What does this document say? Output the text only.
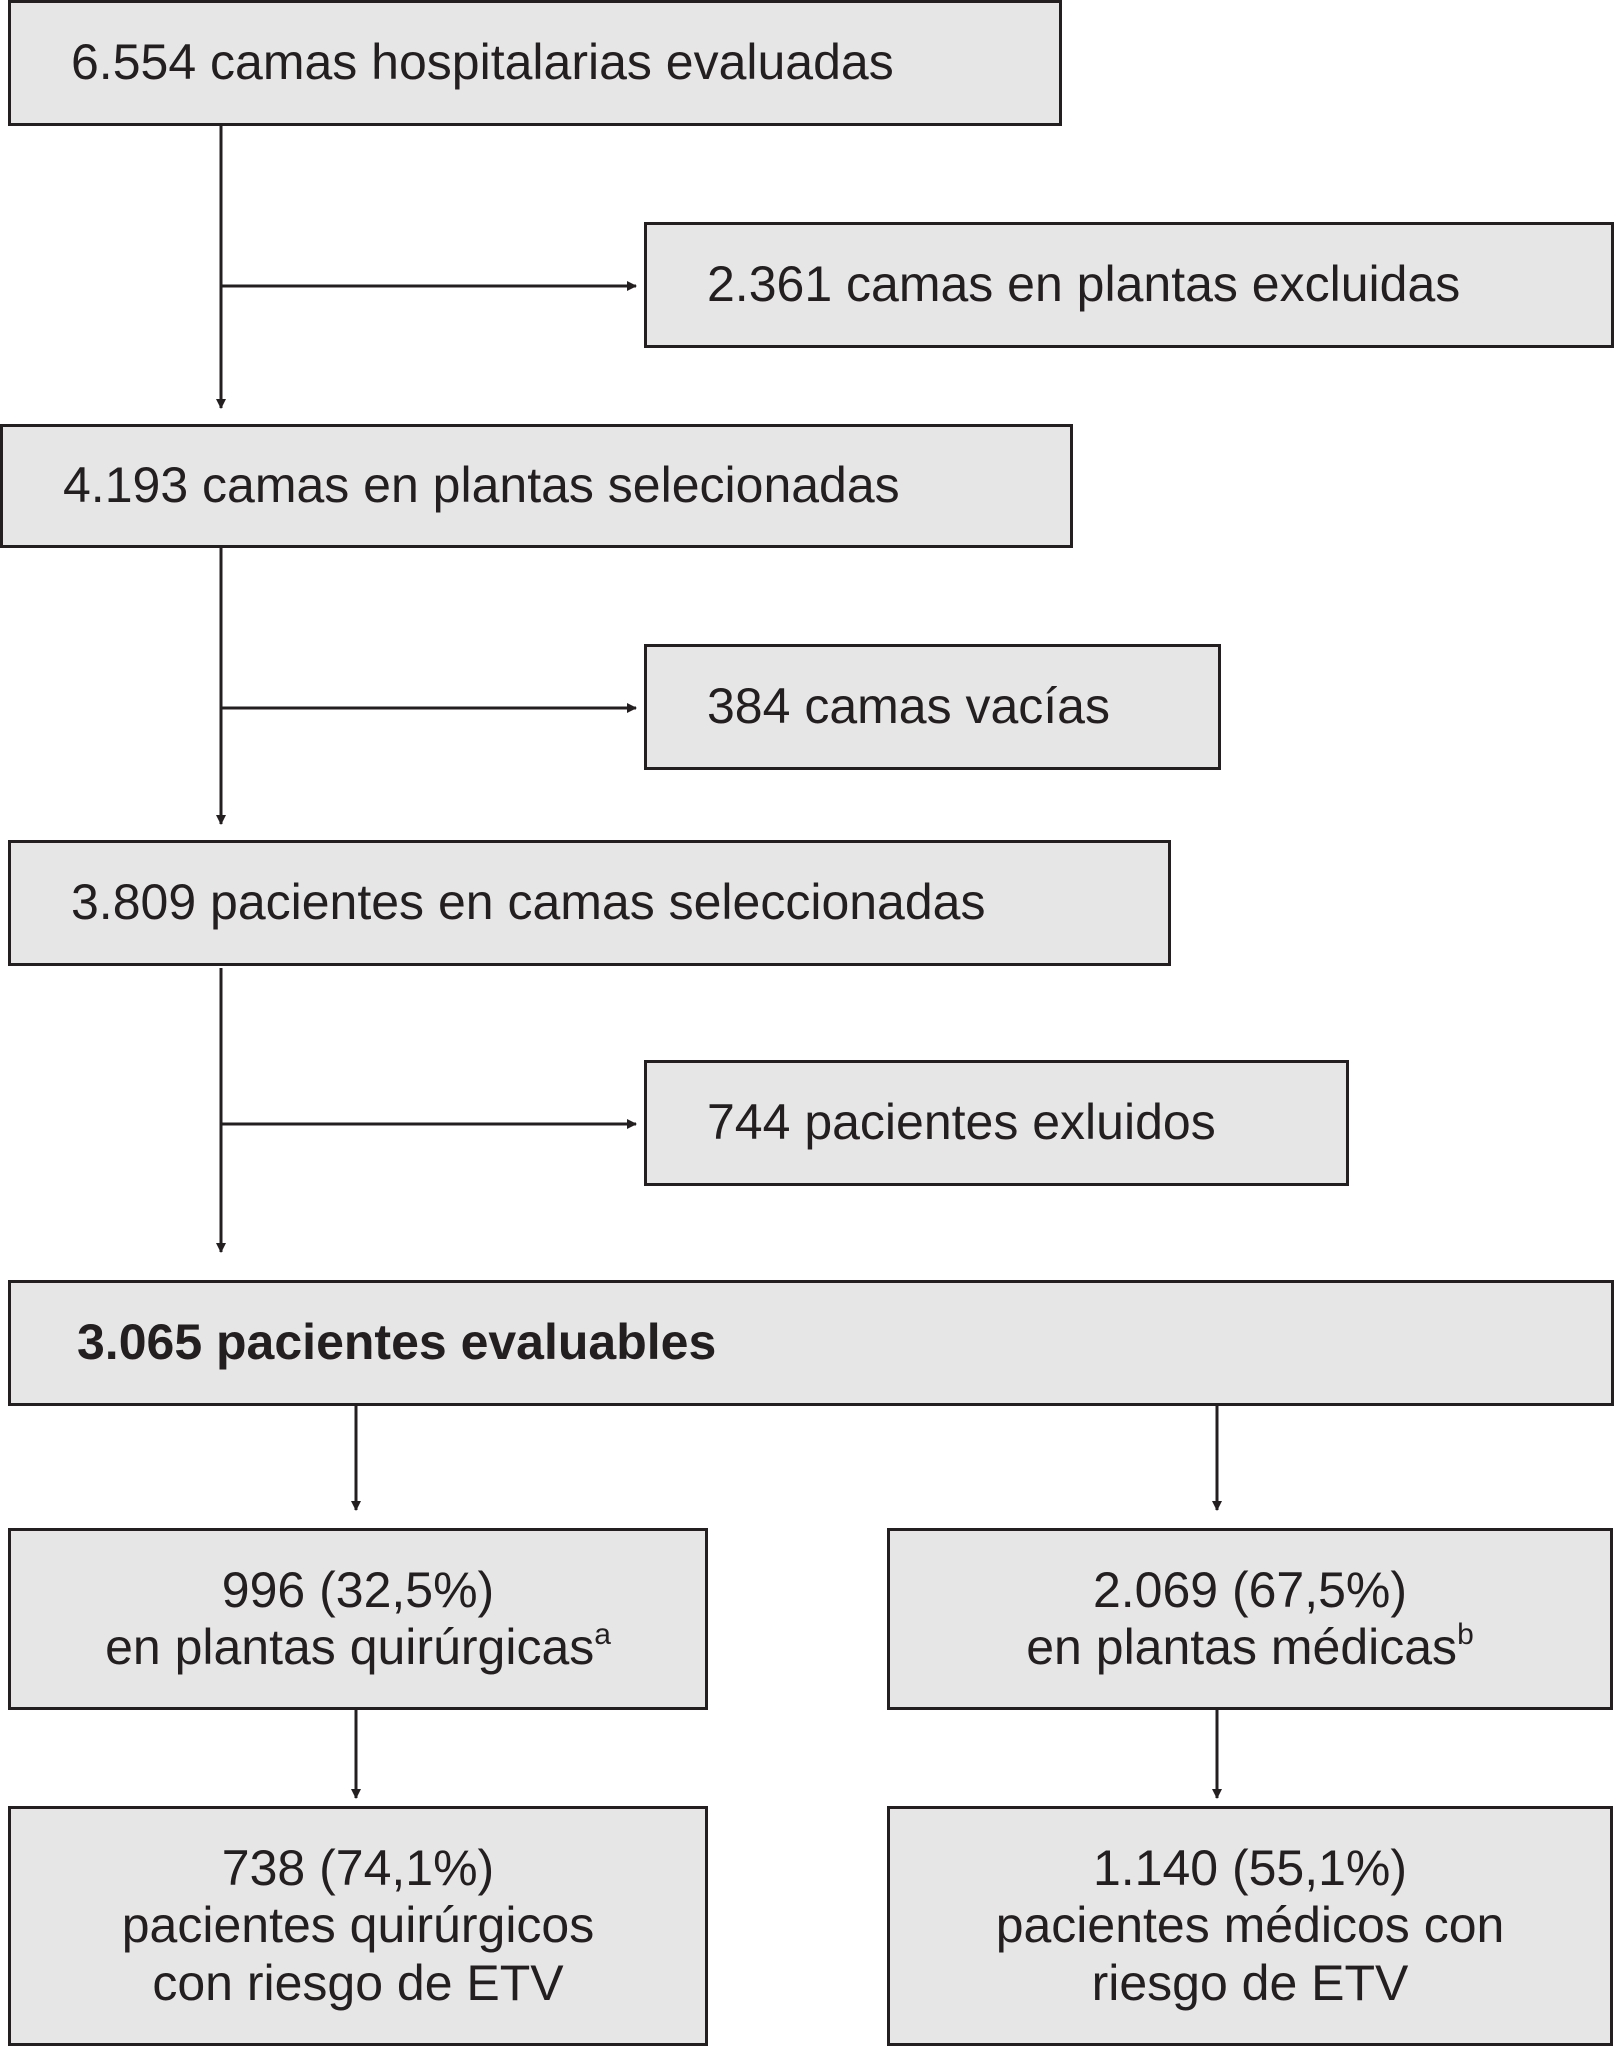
6.554 camas hospitalarias evaluadas
2.361 camas en plantas excluidas
4.193 camas en plantas selecionadas
384 camas vacías
3.809 pacientes en camas seleccionadas
744 pacientes exluidos
3.065 pacientes evaluables
996 (32,5%)
en plantas quirúrgicas$^a$
2.069 (67,5%)
en plantas médicas$^b$
738 (74,1%)
pacientes quirúrgicos
con riesgo de ETV
1.140 (55,1%)
pacientes médicos con
riesgo de ETV
